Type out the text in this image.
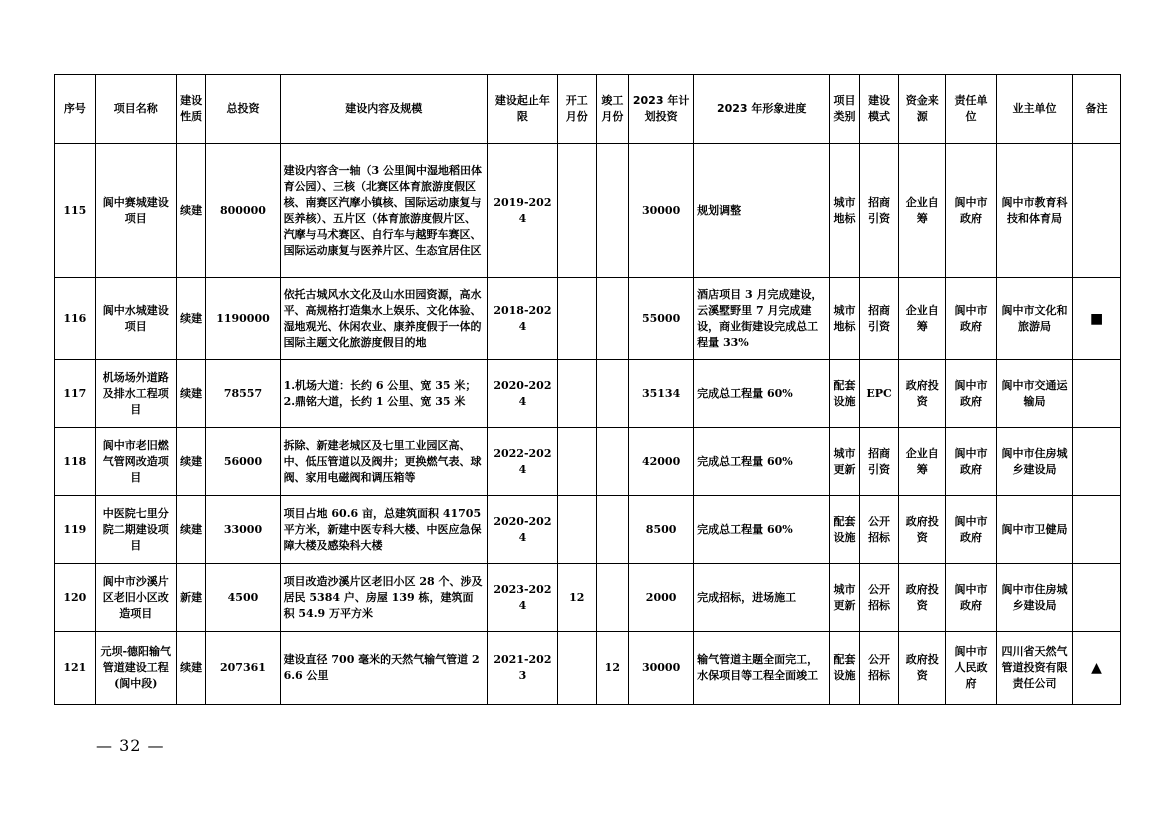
序号	项目名称	建设性质	总投资	建设内容及规模	建设起止年限	开工月份	竣工月份	2023 年计划投资	2023 年形象进度	项目类别	建设模式	资金来源	责任单位	业主单位	备注
115	阆中赛城建设项目	续建	800000	建设内容含一轴（3 公里阆中湿地稻田体育公园）、三核（北赛区体育旅游度假区核、南赛区汽摩小镇核、国际运动康复与医养核）、五片区（体育旅游度假片区、汽摩与马术赛区、自行车与越野车赛区、国际运动康复与医养片区、生态宜居住区	2019-2024			30000	规划调整	城市地标	招商引资	企业自筹	阆中市政府	阆中市教育科技和体育局	
116	阆中水城建设项目	续建	1190000	依托古城风水文化及山水田园资源，高水平、高规格打造集水上娱乐、文化体验、湿地观光、休闲农业、康养度假于一体的国际主题文化旅游度假目的地	2018-2024			55000	酒店项目 3 月完成建设，云溪墅野里 7 月完成建设，商业街建设完成总工程量 33%	城市地标	招商引资	企业自筹	阆中市政府	阆中市文化和旅游局	■
117	机场场外道路及排水工程项目	续建	78557	1.机场大道：长约 6 公里、宽 35 米；2.鼎铭大道，长约 1 公里、宽 35 米	2020-2024			35134	完成总工程量 60%	配套设施	EPC	政府投资	阆中市政府	阆中市交通运输局	
118	阆中市老旧燃气管网改造项目	续建	56000	拆除、新建老城区及七里工业园区高、中、低压管道以及阀井；更换燃气表、球阀、家用电磁阀和调压箱等	2022-2024			42000	完成总工程量 60%	城市更新	招商引资	企业自筹	阆中市政府	阆中市住房城乡建设局	
119	中医院七里分院二期建设项目	续建	33000	项目占地 60.6 亩，总建筑面积 41705 平方米，新建中医专科大楼、中医应急保障大楼及感染科大楼	2020-2024			8500	完成总工程量 60%	配套设施	公开招标	政府投资	阆中市政府	阆中市卫健局	
120	阆中市沙溪片区老旧小区改造项目	新建	4500	项目改造沙溪片区老旧小区 28 个、涉及居民 5384 户、房屋 139 栋，建筑面积 54.9 万平方米	2023-2024	12		2000	完成招标，进场施工	城市更新	公开招标	政府投资	阆中市政府	阆中市住房城乡建设局	
121	元坝-德阳输气管道建设工程(阆中段)	续建	207361	建设直径 700 毫米的天然气输气管道 26.6 公里	2021-2023		12	30000	输气管道主题全面完工，水保项目等工程全面竣工	配套设施	公开招标	政府投资	阆中市人民政府	四川省天然气管道投资有限责任公司	▲
— 32 —
